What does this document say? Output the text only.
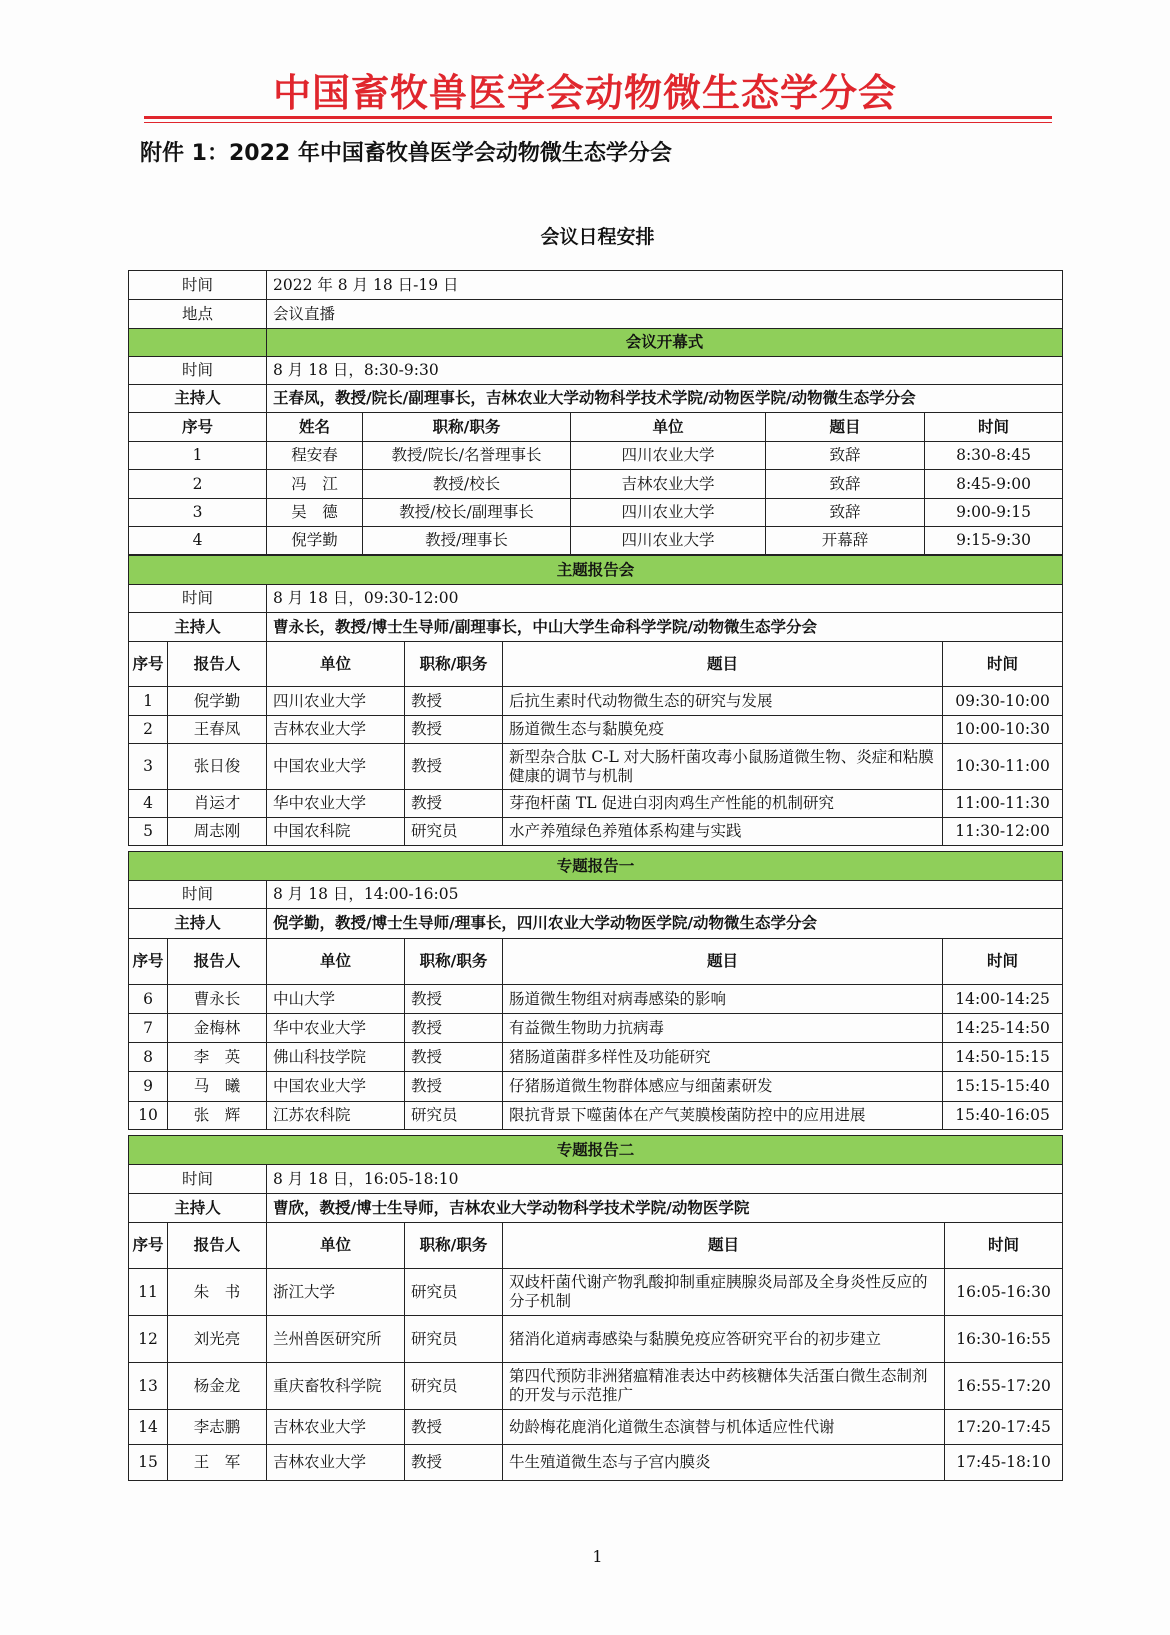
中国畜牧兽医学会动物微生态学分会
附件 1：2022 年中国畜牧兽医学会动物微生态学分会
会议日程安排
时间	2022 年 8 月 18 日-19 日				
地点	会议直播				
	会议开幕式				
时间	8 月 18 日，8:30-9:30				
主持人	王春凤，教授/院长/副理事长，吉林农业大学动物科学技术学院/动物医学院/动物微生态学分会				
序号	姓名	职称/职务	单位	题目	时间
1	程安春	教授/院长/名誉理事长	四川农业大学	致辞	8:30-8:45
2	冯　江	教授/校长	吉林农业大学	致辞	8:45-9:00
3	吴　德	教授/校长/副理事长	四川农业大学	致辞	9:00-9:15
4	倪学勤	教授/理事长	四川农业大学	开幕辞	9:15-9:30
主题报告会					
时间		8 月 18 日，09:30-12:00			
主持人		曹永长，教授/博士生导师/副理事长，中山大学生命科学学院/动物微生态学分会			
序号	报告人	单位	职称/职务	题目	时间
1	倪学勤	四川农业大学	教授	后抗生素时代动物微生态的研究与发展	09:30-10:00
2	王春凤	吉林农业大学	教授	肠道微生态与黏膜免疫	10:00-10:30
3	张日俊	中国农业大学	教授	新型杂合肽 C-L 对大肠杆菌攻毒小鼠肠道微生物、炎症和粘膜健康的调节与机制	10:30-11:00
4	肖运才	华中农业大学	教授	芽孢杆菌 TL 促进白羽肉鸡生产性能的机制研究	11:00-11:30
5	周志刚	中国农科院	研究员	水产养殖绿色养殖体系构建与实践	11:30-12:00
专题报告一					
时间		8 月 18 日，14:00-16:05			
主持人		倪学勤，教授/博士生导师/理事长，四川农业大学动物医学院/动物微生态学分会			
序号	报告人	单位	职称/职务	题目	时间
6	曹永长	中山大学	教授	肠道微生物组对病毒感染的影响	14:00-14:25
7	金梅林	华中农业大学	教授	有益微生物助力抗病毒	14:25-14:50
8	李　英	佛山科技学院	教授	猪肠道菌群多样性及功能研究	14:50-15:15
9	马　曦	中国农业大学	教授	仔猪肠道微生物群体感应与细菌素研发	15:15-15:40
10	张　辉	江苏农科院	研究员	限抗背景下噬菌体在产气荚膜梭菌防控中的应用进展	15:40-16:05
专题报告二					
时间		8 月 18 日，16:05-18:10			
主持人		曹欣，教授/博士生导师，吉林农业大学动物科学技术学院/动物医学院			
序号	报告人	单位	职称/职务	题目	时间
11	朱　书	浙江大学	研究员	双歧杆菌代谢产物乳酸抑制重症胰腺炎局部及全身炎性反应的分子机制	16:05-16:30
12	刘光亮	兰州兽医研究所	研究员	猪消化道病毒感染与黏膜免疫应答研究平台的初步建立	16:30-16:55
13	杨金龙	重庆畜牧科学院	研究员	第四代预防非洲猪瘟精准表达中药核糖体失活蛋白微生态制剂的开发与示范推广	16:55-17:20
14	李志鹏	吉林农业大学	教授	幼龄梅花鹿消化道微生态演替与机体适应性代谢	17:20-17:45
15	王　军	吉林农业大学	教授	牛生殖道微生态与子宫内膜炎	17:45-18:10
1
